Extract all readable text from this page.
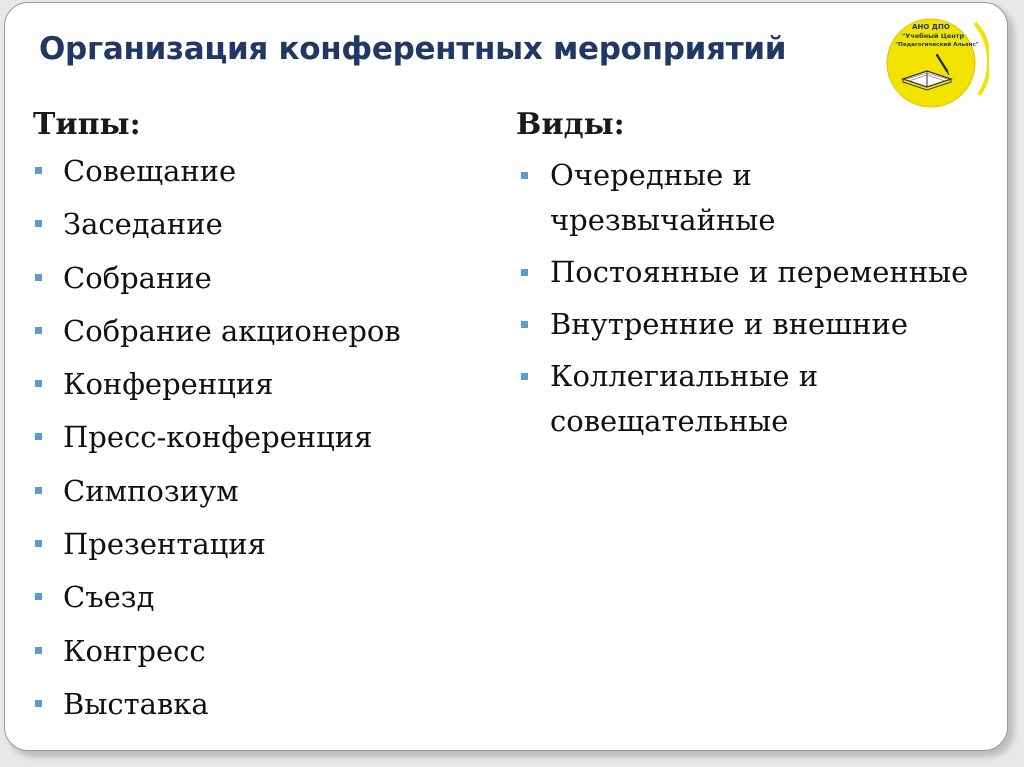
Организация конферентных мероприятий
АНО ДПО
"Учебный Центр
"Педагогический Альянс"
Типы:
Совещание
Заседание
Собрание
Собрание акционеров
Конференция
Пресс-конференция
Симпозиум
Презентация
Съезд
Конгресс
Выставка
Виды:
Очередные и чрезвычайные
Постоянные и переменные
Внутренние и внешние
Коллегиальные и совещательные
